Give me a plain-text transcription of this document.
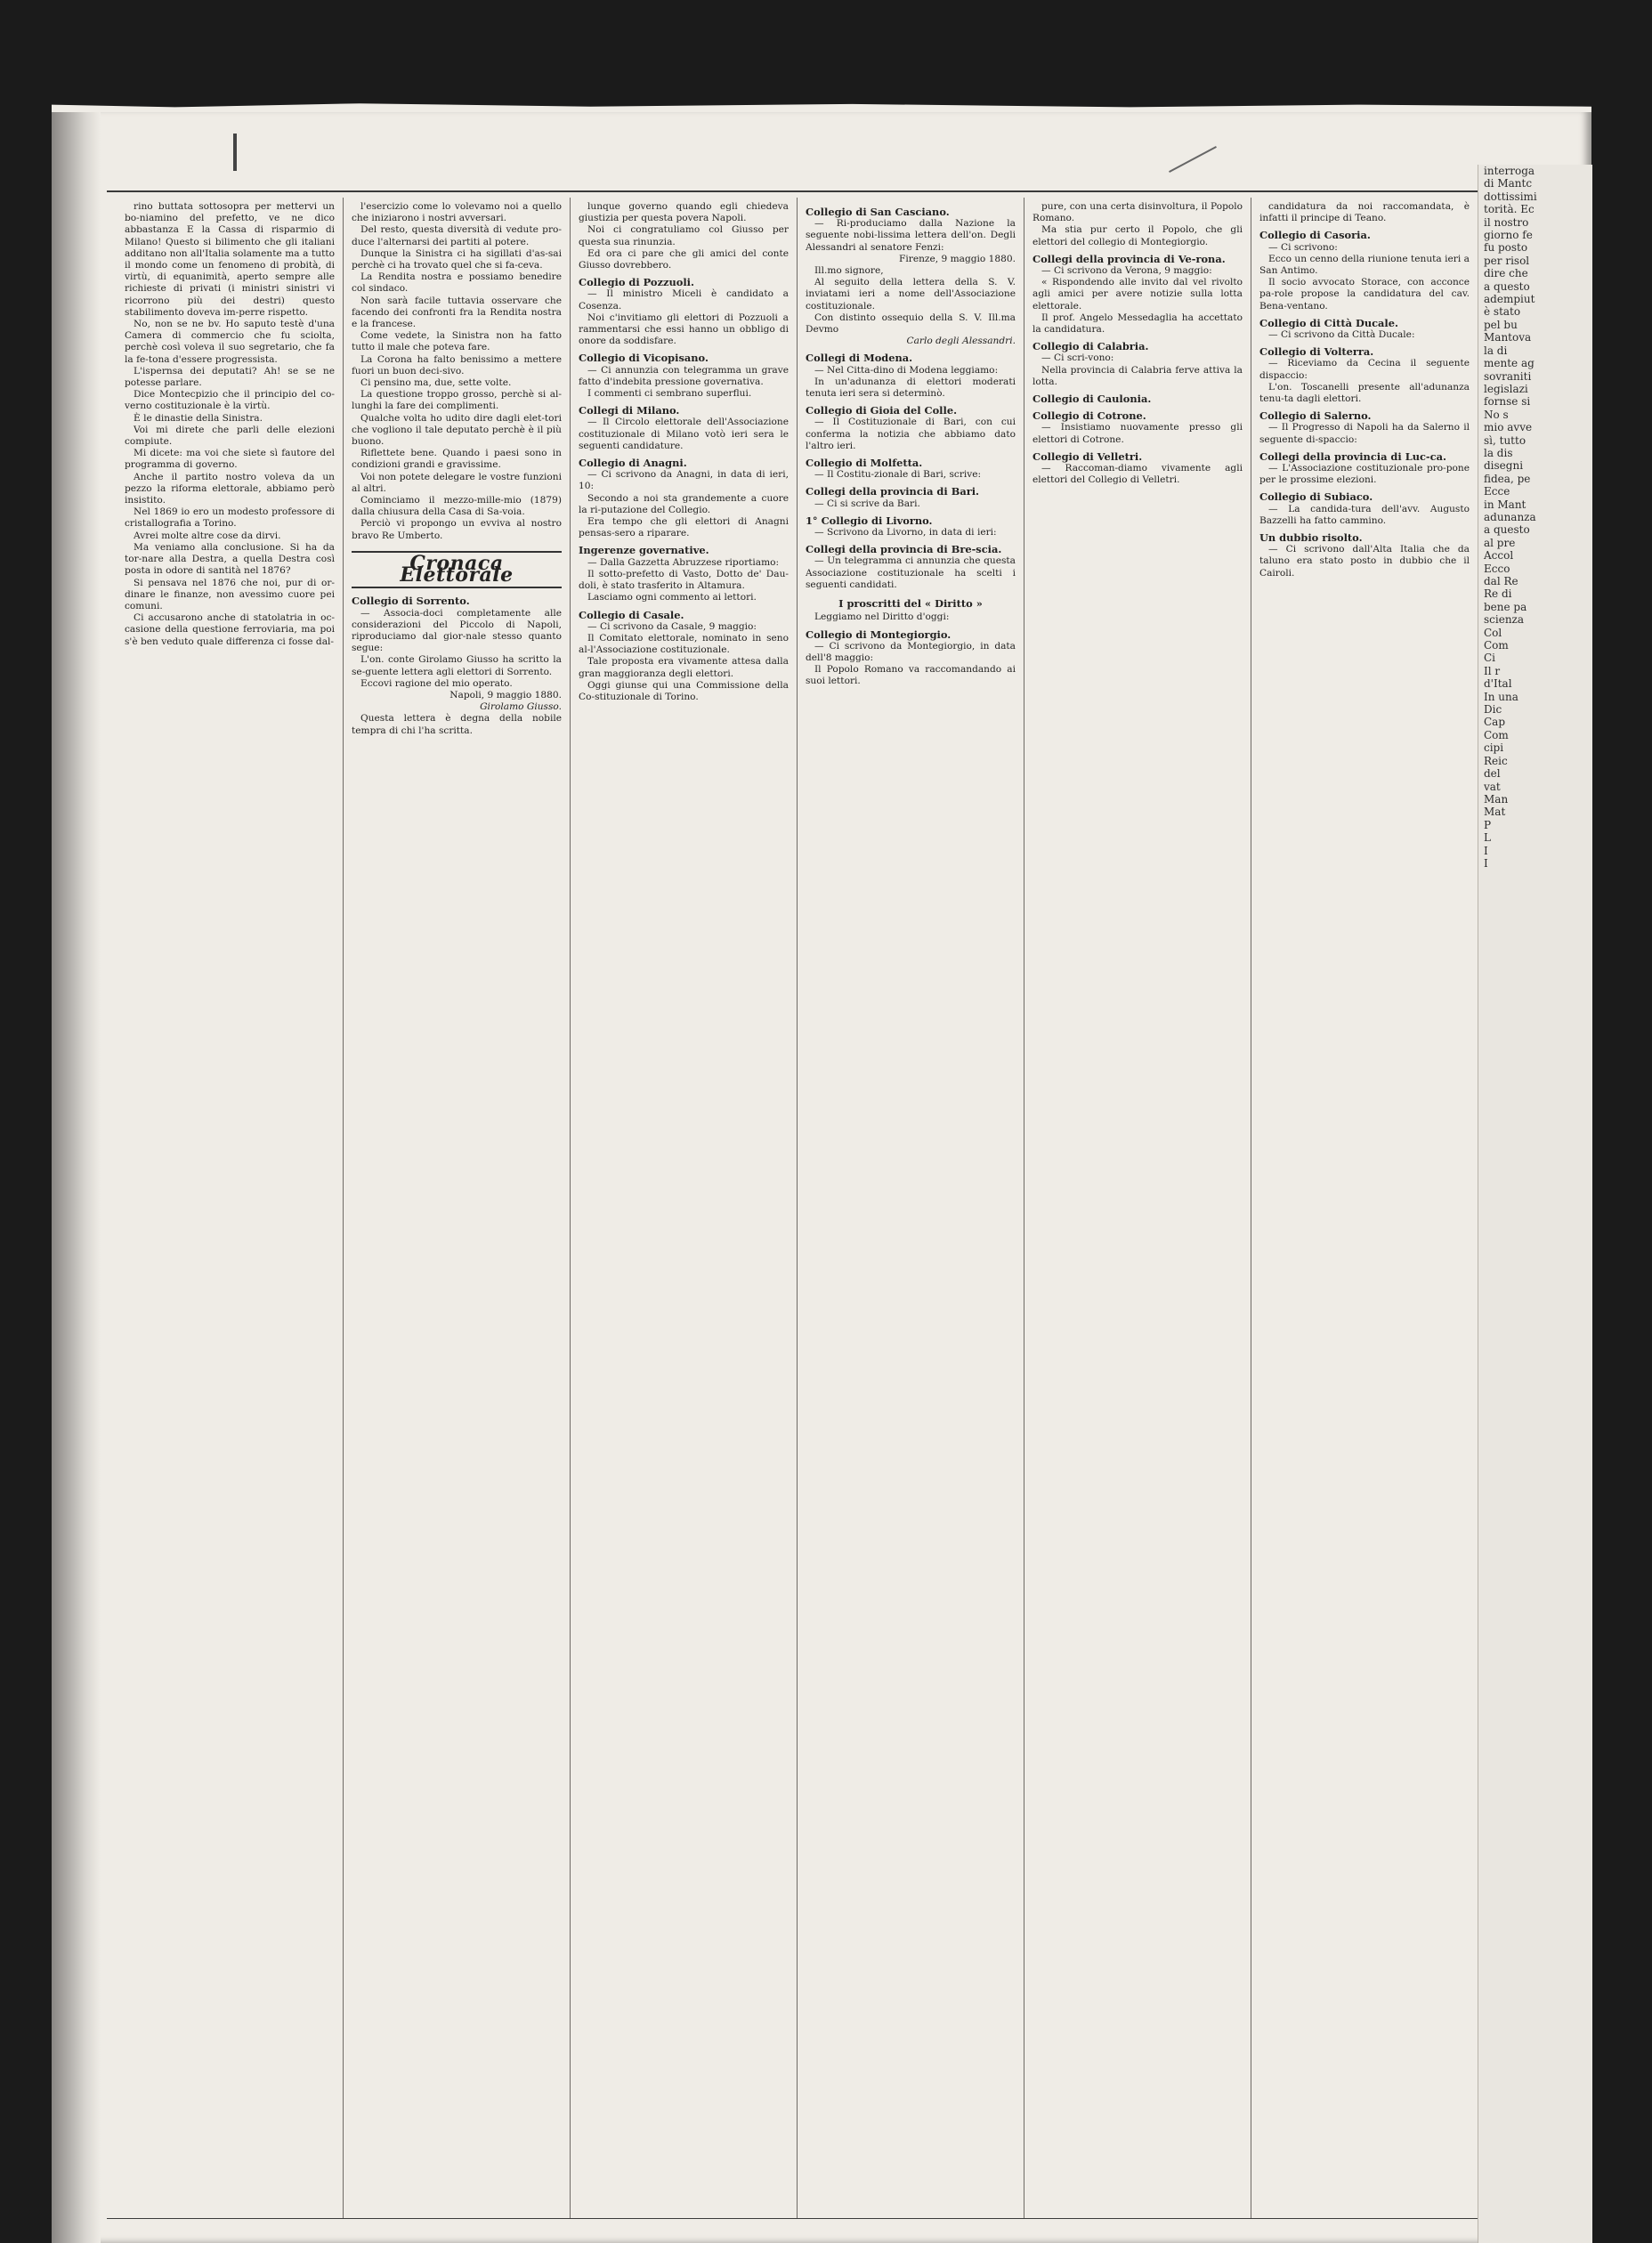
rino buttata sottosopra per mettervi un bo-niamino del prefetto, ve ne dico abbastanza E la Cassa di risparmio di Milano! Questo si bilimento che gli italiani additano non all'Italia solamente ma a tutto il mondo come un fenomeno di probità, di virtù, di equanimità, aperto sempre alle richieste di privati (i ministri sinistri vi ricorrono più dei destri) questo stabilimento doveva im-perre rispetto.

No, non se ne bv. Ho saputo testè d'una Camera di commercio che fu sciolta, perchè così voleva il suo segretario, che fa la fe-tona d'essere progressista.

L'ispernsa dei deputati? Ah! se se ne potesse parlare.

Dice Montecpizio che il principio del co-verno costituzionale è la virtù.

È le dinastie della Sinistra.

Voi mi direte che parli delle elezioni compiute.

Mi dicete: ma voi che siete sì fautore del programma di governo.

Anche il partito nostro voleva da un pezzo la riforma elettorale, abbiamo però insistito.

Nel 1869 io ero un modesto professore di cristallografia a Torino.

Avrei molte altre cose da dirvi.

Ma veniamo alla conclusione. Si ha da tor-nare alla Destra, a quella Destra così posta in odore di santità nel 1876?

Si pensava nel 1876 che noi, pur di or-dinare le finanze, non avessimo cuore pei comuni.

Ci accusarono anche di statolatria in oc-casione della questione ferroviaria, ma poi s'è ben veduto quale differenza ci fosse dal-

l'esercizio come lo volevamo noi a quello che iniziarono i nostri avversari.

Del resto, questa diversità di vedute pro-duce l'alternarsi dei partiti al potere.

Dunque la Sinistra ci ha sigillati d'as-sai perchè ci ha trovato quel che si fa-ceva.

La Rendita nostra e possiamo benedire col sindaco.

Non sarà facile tuttavia osservare che facendo dei confronti fra la Rendita nostra e la francese.

Come vedete, la Sinistra non ha fatto tutto il male che poteva fare.

La Corona ha falto benissimo a mettere fuori un buon deci-sivo.

Ci pensino ma, due, sette volte.

La questione troppo grosso, perchè si al-lunghi la fare dei complimenti.

Qualche volta ho udito dire dagli elet-tori che vogliono il tale deputato perchè è il più buono.

Riflettete bene. Quando i paesi sono in condizioni grandi e gravissime.

Voi non potete delegare le vostre funzioni al altri.

Cominciamo il mezzo-mille-mio (1879) dalla chiusura della Casa di Sa-voia.

Perciò vi propongo un evviva al nostro bravo Re Umberto.

Cronaca Elettorale

Collegio di Sorrento.

— Associa-doci completamente alle considerazioni del Piccolo di Napoli, riproduciamo dal gior-nale stesso quanto segue:

L'on. conte Girolamo Giusso ha scritto la se-guente lettera agli elettori di Sorrento.

Eccovi ragione del mio operato.

Napoli, 9 maggio 1880.

Girolamo Giusso.

Questa lettera è degna della nobile tempra di chi l'ha scritta.

lunque governo quando egli chiedeva giustizia per questa povera Napoli.

Noi ci congratuliamo col Giusso per questa sua rinunzia.

Ed ora ci pare che gli amici del conte Giusso dovrebbero.

Collegio di Pozzuoli.

— Il ministro Miceli è candidato a Cosenza.

Noi c'invitiamo gli elettori di Pozzuoli a rammentarsi che essi hanno un obbligo di onore da soddisfare.

Collegio di Vicopisano.

— Ci annunzia con telegramma un grave fatto d'indebita pressione governativa.

I commenti ci sembrano superflui.

Collegi di Milano.

— Il Circolo elettorale dell'Associazione costituzionale di Milano votò ieri sera le seguenti candidature.

Collegio di Anagni.

— Ci scrivono da Anagni, in data di ieri, 10:

Secondo a noi sta grandemente a cuore la ri-putazione del Collegio.

Era tempo che gli elettori di Anagni pensas-sero a riparare.

Ingerenze governative.

— Dalla Gazzetta Abruzzese riportiamo:

Il sotto-prefetto di Vasto, Dotto de' Dau-doli, è stato trasferito in Altamura.

Lasciamo ogni commento ai lettori.

Collegio di Casale.

— Ci scrivono da Casale, 9 maggio:

Il Comitato elettorale, nominato in seno al-l'Associazione costituzionale.

Tale proposta era vivamente attesa dalla gran maggioranza degli elettori.

Oggi giunse qui una Commissione della Co-stituzionale di Torino.

Collegio di San Casciano.

— Ri-produciamo dalla Nazione la seguente nobi-lissima lettera dell'on. Degli Alessandri al senatore Fenzi:

Firenze, 9 maggio 1880.

Ill.mo signore,

Al seguito della lettera della S. V. inviatami ieri a nome dell'Associazione costituzionale.

Con distinto ossequio della S. V. Ill.ma Devmo

Carlo degli Alessandri.

Collegi di Modena.

— Nel Citta-dino di Modena leggiamo:

In un'adunanza di elettori moderati tenuta ieri sera si determinò.

Collegio di Gioia del Colle.

— Il Costituzionale di Bari, con cui conferma la notizia che abbiamo dato l'altro ieri.

Collegio di Molfetta.

— Il Costitu-zionale di Bari, scrive:

Collegi della provincia di Bari.

— Ci si scrive da Bari.

1° Collegio di Livorno.

— Scrivono da Livorno, in data di ieri:

Collegi della provincia di Bre-scia.

— Un telegramma ci annunzia che questa Associazione costituzionale ha scelti i seguenti candidati.

I proscritti del « Diritto »

Leggiamo nel Diritto d'oggi:

Collegio di Montegiorgio.

— Ci scrivono da Montegiorgio, in data dell'8 maggio:

Il Popolo Romano va raccomandando ai suoi lettori.

pure, con una certa disinvoltura, il Popolo Romano.

Ma stia pur certo il Popolo, che gli elettori del collegio di Montegiorgio.

Collegi della provincia di Ve-rona.

— Ci scrivono da Verona, 9 maggio:

« Rispondendo alle invito dal vel rivolto agli amici per avere notizie sulla lotta elettorale.

Il prof. Angelo Messedaglia ha accettato la candidatura.

Collegio di Calabria.

— Ci scri-vono:

Nella provincia di Calabria ferve attiva la lotta.

Collegio di Caulonia.

Collegio di Cotrone.

— Insistiamo nuovamente presso gli elettori di Cotrone.

Collegio di Velletri.

— Raccoman-diamo vivamente agli elettori del Collegio di Velletri.

candidatura da noi raccomandata, è infatti il principe di Teano.

Collegio di Casoria.

— Ci scrivono:

Ecco un cenno della riunione tenuta ieri a San Antimo.

Il socio avvocato Storace, con acconce pa-role propose la candidatura del cav. Bena-ventano.

Collegio di Città Ducale.

— Ci scrivono da Città Ducale:

Collegio di Volterra.

— Riceviamo da Cecina il seguente dispaccio:

L'on. Toscanelli presente all'adunanza tenu-ta dagli elettori.

Collegio di Salerno.

— Il Progresso di Napoli ha da Salerno il seguente di-spaccio:

Collegi della provincia di Luc-ca.

— L'Associazione costituzionale pro-pone per le prossime elezioni.

Collegio di Subiaco.

— La candida-tura dell'avv. Augusto Bazzelli ha fatto cammino.

Un dubbio risolto.

— Ci scrivono dall'Alta Italia che da taluno era stato posto in dubbio che il Cairoli.

interroga

di Mantc

dottissimi

torità. Ec

il nostro

giorno fe

fu posto

per risol

dire che

a questo

adempiut

è stato

pel bu

Mantova

la di

mente ag

sovraniti

legislazi

fornse si

No s

mio avve

sì, tutto

la dis

disegni

fidea, pe

Ecce

in Mant

adunanza

a questo

al pre

Accol

Ecco

dal Re

Re di

bene pa

scienza

Col

Com

Ci

Il r

d'Ital

In una

Dic

Cap

Com

cipi

Reic

del

vat

Man

Mat

P

L

I

I
